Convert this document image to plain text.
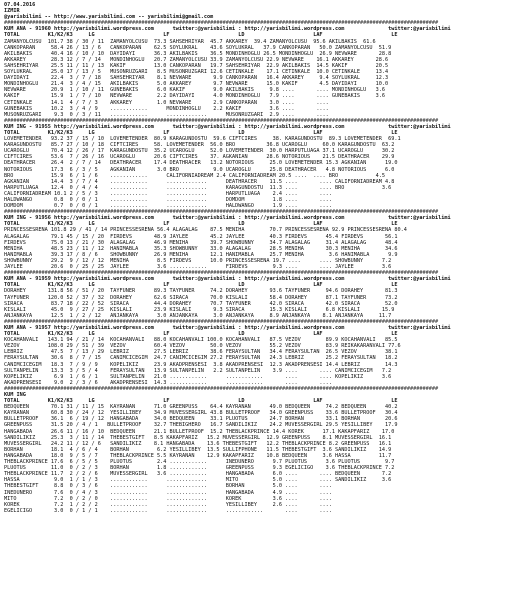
07.04.2016
IZMIR
@yarisbilimi -- http://www.yarisbilimi.com -- yarisbilimi@gmail.com
###########################################################################################################################################
KUM ANA - 91960 http://yarisbilimi.wordpress.com      twitter:@yarisbilimi : http://yarisbilimi.wordpress.com              twitter:@yarisbilimi
TOTAL         K1/K2/K3     LG                      LF                      LD                      LAF                      LE
ZAMANYOLCUSU  101.7 38 / 30 / 11  ZAMANYOLCUSU  73.3 SAHSEHRIYAR  45.7 AKKAREY  39.4 ZAMANYOLCUSU  95.6 AKILBAKIS  61.6
CANKOPARAN     58.4 26 / 13 / 6   CANKOPARAN    62.5 SOYLUKRAL    43.6 SOYLUKRAL   37.9 CANKOPARAN   50.0 ZAMANYOLCUSU  51.9
AKILBAKIS      40.4 16 / 10 / 10  DAYIDAYI      36.3 AKILBAKIS    36.5 MONDINHOGLU 26.5 MONDINHOGLU  26.9 NEVWARE       28.8
AKKAREY        28.3 12 / 7 / 14   MONDINHOGLU   20.7 ZAMANYOLCUSU 33.9 ZAMANYOLCUSU 22.9 NEVWARE    16.1 AKKAREY       28.6
SAHSEHRIYAR    25.5 11 / 11 / 13  KAKIF         13.0 CANKOPARAN   19.7 SAHSEHRIYAR  22.9 AKILBAKIS  14.5 KAKIF         20.5
SOYLUKRAL      25.0 17 / 13 / 5   MUSONRUZGARI   8.5 MUSONRUZGARI 12.6 CETINKALE    17.1 CETINKALE  10.0 CETINKALE     13.4
DAYIDAYI       22.4  3 / 7 / 18   SAHSEHRIYAR    8.1 NEVWARE       9.9 CANKOPARAN   16.4 AKKAREY     9.4 SOYLUKRAL     12.3
MONDINHOGLU    21.4  3 / 4 / 15   AKILBAKIS      5.0 AKKAREY       9.7 NEVWARE      15.0 KAKIF       4.5 DAYIDAYI      10.0
NEVWARE        20.9  1 / 10 / 11  GUNEBAKIS      6.0 KAKIF         9.0 AKILBAKIS     9.8 ....       .... MONDINHOGLU   3.6
KAKIF          15.9  1 / 7 / 10   NEVWARE        2.2 DAYIDAYI      4.0 MONDINHOGLU   7.9 ....       .... GUNEBAKIS     3.6
CETINKALE      14.1  4 / 7 / 3    AKKAREY        1.0 NEVWARE       2.9 CANKOPARAN    3.0 ....       ....
GUNEBAKIS      10.2  3 / 4 / 9    ............      MONDINHOGLU    2.2 KAKIF         3.6 ....       ....
MUSONRUZGARI    9.3  0 / 3 / 11   ............      .............      MUSONRUZGARI  2.9 ....       ....
###########################################################################################################################################
KUM ING - 91955 http://yarisbilimi.wordpress.com      twitter:@yarisbilimi : http://yarisbilimi.wordpress.com              twitter:@yarisbilimi
TOTAL         K1/K2/K3     LG                      LF                      LD                      LAF                      LE
LOVEMETENDER   93.2 37 / 15 / 10  LOVEMETENDER  80.9 KARAGUNDOSTU  59.6 CIFTCIRES     38. KARAGUNDOSTU  89.3 LOVEMETENDER  69.1
KARAGUNDOSTU   85.7 27 / 10 / 18  CIFTCIRES     58. LOVEMETENDER  56.0 BRO          36.8 UCAROGLU     60.0 KARAGUNDOSTU  63.2
UCAROGLU       70.4 12 / 26 / 17  KARAGUNDOSTU  35.2 UCAROGLU     52.0 LOVEMETENDER  30.0 HARPUTLUAGA 37.1 UCAROGLU      30.2
CIFTCIRES      53.6  7 / 26 / 16  UCAROGLU      20.6 CIFTCIRES    37. AGKANIAN      28.6 NOTORIOUS    21.5 DEATHRACER    29.9
DEATHRACER     26.4  2 / 7 / 14   DEATHRACER    17.4 DEATHRACER   13.2 NOTORIOUS     25.0 LOVEMETENDER 15.3 AGKANIAN      19.0
NOTORIOUS      17.3  6 / 3 / 5    AGKANIAN       3.0 BRO           9.0 UCAROGLU      25.8 DEATHRACER   4.8 NOTORIOUS      6.0
BRO            15.9  6 / 1 / 6    ............      CALIFORNIADREAM 2.4 CALIFORNIADREAM 20.5 ....  .... BRO            4.5
AGKANIAN       14.4  3 / 7 / 4    ............      .............      DEATHRACER    11.5 ....       .... CALIFORNIADREAM 4.8
HARPUTLUAGA    12.4  0 / 4 / 4    ............      .............      KARAGUNDOSTU  11.3 ....       .... BRO            3.6
CALIFORNIADREAM 10.1 2 / 5 / 3    ............      .............      HARPUTLUAGA    2.4 ....       ....
HALDWANGO       0.8  0 / 0 / 1    ............      .............      DOMDOM         1.8 ....       ....
DOMDOM          0.7  0 / 0 / 1    ............      .............      HALDWANGO      1.9 ....       ....
###########################################################################################################################################
KUM ING - 91956 http://yarisbilimi.wordpress.com      twitter:@yarisbilimi : http://yarisbilimi.wordpress.com              twitter:@yarisbilimi
TOTAL         K1/K2/K3     LG                      LF                      LD                      LAF                      LE
PRINCESSESRENA 101.8 29 / 41 / 14 PRINCESSESRENA 56.4 ALAGALAG    87.5 MENIHA        70.7 PRINCESSESRENA 92.9 PRINCESSESRENA 80.4
ALAGALAG       79.1 45 / 15 / 20  FIRDEVS       48.9 JAYLEE       45.2 JAYLEE        40.3 FIRDEVS      45.4 FIRDEVS       56.1
FIRDEVS        75.0 13 / 21 / 30  ALAGALAG      46.9 MENIHA       39.7 SHOWBUNNY     34.7 ALAGALAG     31.4 ALAGALAG      48.4
MENIHA         48.5 23 / 11 / 12  HANIMABLA     35.3 SHOWBUNNY    33.0 ALAGALAG      28.5 MENIHA       30.3 MENIHA        34.6
HANIMABLA      39.3 17 / 8 / 6    SHOWBUNNY     26.9 MENIHA       12.1 HANIMABLA     25.7 MENIHA        3.6 HANIMABLA      9.9
SHOWBUNNY      29.2  9 / 12 / 12  MENIHA         8.5 FIRDEVS      10.0 PRINCESSESRENA 19.7 ....      .... SHOWBUNNY      7.2
JAYLEE         20.6  0 / 25 / 25  JAYLEE         3.6 ............      FIRDEVS        9.3 ....       .... JAYLEE         3.6
###########################################################################################################################################
KUM ANA - 91959 http://yarisbilimi.wordpress.com      twitter:@yarisbilimi : http://yarisbilimi.wordpress.com              twitter:@yarisbilimi
TOTAL         K1/K2/K3     LG                      LF                      LD                      LAF                      LE
DORAHEY       131.8 56 / 51 / 20  TAYFUNER      89.3 TAYFUNER     74.2 DORAHEY       93.6 TAYFUNER     94.6 DORAHEY       81.3
TAYFUNER      120.0 52 / 37 / 32  DORAHEY       62.6 SIRACA       70.0 KISLALI       58.4 DORAHEY      87.1 TAYFUNER      73.2
SIRACA         83.7 18 / 22 / 52  SIRACA        44.4 DORAHEY      70.7 TAYFUNER      42.0 SIRACA       42.0 SIRACA        52.0
KISLALI        45.0  9 / 27 / 25  KISLALI       23.9 KISLALI       9.3 SIRACA        15.3 KISLALI      6.8 KISLALI       15.9
ANJANKAYA      12.5  1 / 2 / 12   ANJANKAYA      3.0 ANJANKAYA     3.0 ANJANKAYA     8.9 ANJANKAYA    8.1 ANJANKAYA     11.7
###########################################################################################################################################
KUM ANA - 91957 http://yarisbilimi.wordpress.com      twitter:@yarisbilimi : http://yarisbilimi.wordpress.com              twitter:@yarisbilimi
TOTAL         K1/K2/K3     LG                      LF                      LD                      LAF                      LE
KOCAHANVALI   143.1 94 / 21 / 14  KOCAHANVALI   88.0 KOCAHANVALI 100.0 KOCAHANVALI   87.5 VEZOV        89.9 KOCAHANVALI   85.5
VEZOV         108.0 29 / 51 / 39  VEZOV         60.4 VEZOV        50.0 VEZOV         55.2 VEZOV        83.9 REIKAKARANVALI 77.6
LEBRIZ         47.5  7 / 13 / 29  LEBRIZ        27.5 LEBRIZ       38.6 FERAYSULTAN   34.4 FERAYSULTAN  26.5 VEZOV         38.1
FERAYSULTAN    30.6  8 / 7 / 15   CANIMCICEGIM  24.7 CANIMCICEGIM 27.2 FERAYSULTAN   24.3 LEBRIZ       25.2 FERAYSULTAN   18.2
CANIMCICEGIM   18.3  7 / 9 / 9    KOPELIKIZ     23.9 AKADPRENSESI  3.8 AKADPRENSESI  12.3 AKADPRENSESI 14.4 LEBRIZ        14.3
SULTANPELIN    13.3  3 / 5 / 4    FERAYSULTAN   13.9 SULTANPELIN   2.2 SULTANPELIN    3.9 ....       .... CANIMCICEGIM   7.2
KOPELIKIZ       6.9  1 / 6 / 1    SULTANPELIN   21.0 ............      ............       ....       .... KOPELIKIZ      3.6
AKADPRENSESI    9.0  2 / 3 / 6    AKADPRENSESI  14.3 ............      ............       ....       ....
###########################################################################################################################################
KUM ING
TOTAL         K1/K2/K3     LG                      LF                      LD                      LAF                      LE
BEDQUEEN       70.1 31 / 11 / 15  KAYRANAN      71.0 GREENPUSS    64.4 KAYRANAN      49.0 BEDQUEEN     74.2 BEDQUEEN      40.2
KAYRANAN       60.8 30 / 24 / 12  YESILLIBEY    34.9 MUVESSERGIRL 43.8 BULLETPROOF   34.0 GREENPUSS    33.6 BULLETPROOF   30.4
BULLETPROOF    36.1  6 / 19 / 12  HANGABADA     34.0 BEDQUEEN     33.1 PLUOTUS       24.7 BORHAN       33.1 BORHAN        20.6
GREENPUSS      31.5 20 / 4 / 1   BULLETPROOF    32.7 THEBIGHERO   16.7 SANDILIKIZ    24.2 MUVESSERGIRL 29.5 YESILLIBEY    17.9
HANGABADA      26.6 11 / 16 / 10  BEDQUEEN      21.1 BULLETPROOF  15.2 THEBLACKPRINCE 14.4 KOREK      17.1 KAKAPFARIZ    17.0
SANDILIKIZ     25.3  3 / 11 / 14  THEBESTGIFT   8.5 KAKAPFARIZ   15.2 MUVESSERGIRL  12.9 GREENPUSS    8.1 MUVESSERGIRL  16.1
MUVESSERGIRL   24.2 11 / 12 / 6   SANDILIKIZ    8.1 HANGABADA    13.6 THEBESTGIFT   12.2 THEBLACKPRINCE 8.2 GREENPUSS   16.1
BORHAN         18.1  4 / 6 / 4    BORHAN         6.2 YESILLIBEY  13.5 SULLIFPHONE   11.5 THEBESTGIFT  3.6 SANDILIKIZ    14.9
HANGABADA      18.0  9 / 5 / 7    THEBLACKPRINCE 5.5 KAYRANAN    12.9 KAKAPFARIZ    10.8 BEDQUEEN     3.6 HASSA         11.7
THEBLACKPRINCE 17.6  6 / 5 / 5    PLUOTUS        2.4 ............      INEDUNERO      9.7 PLUOTUS      3.6 PLUOTUS        9.7
PLUOTUS        11.0  0 / 2 / 3    BORHAN         1.8 ............      GREENPUSS      9.3 EGELICIGO    3.6 THEBLACKPRINCE 7.2
THEBLACKPRINCE 11.7  2 / 2 / 6    MUVESSERGIRL   3.6 ............      HANGABADA      6.0 ....       .... BEDQUEEN       7.2
HASSA           9.0  1 / 1 / 3    ............      .............      MITO           5.0 ....       .... SANDILIKIZ     3.6
THEBESTGIFT     8.8  0 / 3 / 6    ............      .............      BORHAN         5.0 ....       ....
INEDUNERO       7.6  0 / 4 / 3    ............      .............      HANGABADA      4.9 ....       ....
MITO            7.2  0 / 2 / 0    ............      .............      KOREK          3.6 ....       ....
KOREK           7.2  1 / 2 / 2    ............      .............      YESILLIBEY     2.6 ....       ....
EGELICIGO       3.0  0 / 1 / 1    ............      .............      ............       ....       ....
